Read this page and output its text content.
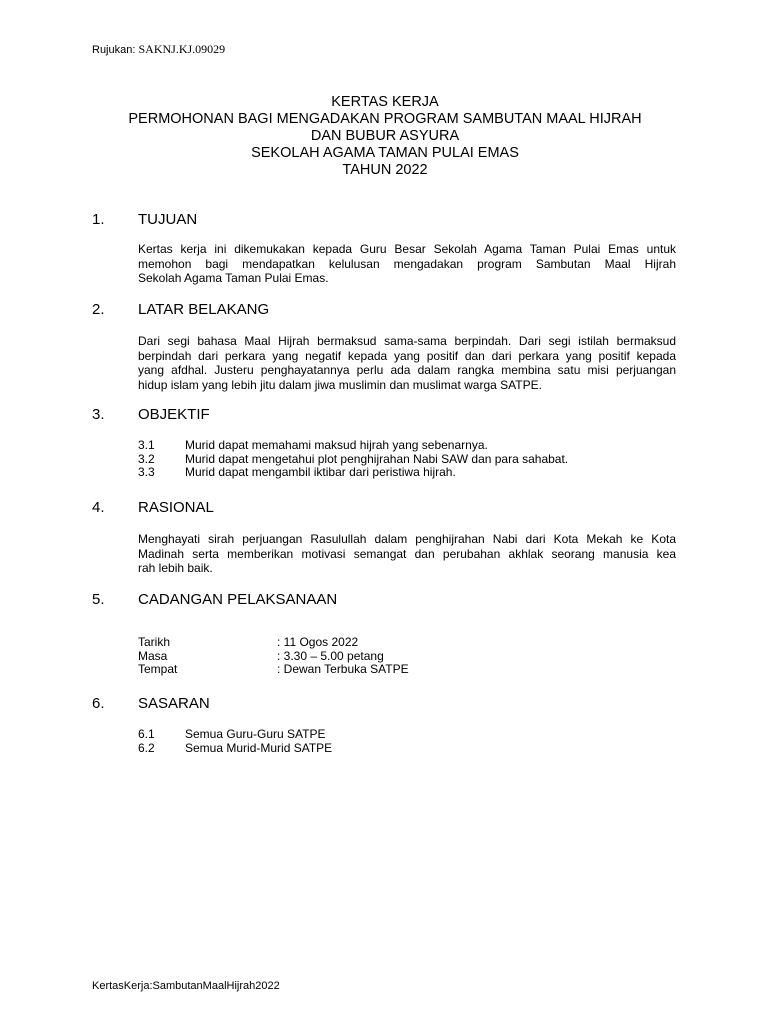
Rujukan: SAKNJ.KJ.09029
KERTAS KERJA
PERMOHONAN BAGI MENGADAKAN PROGRAM SAMBUTAN MAAL HIJRAH
DAN BUBUR ASYURA
SEKOLAH AGAMA TAMAN PULAI EMAS
TAHUN 2022
1.	TUJUAN
Kertas kerja ini dikemukakan kepada Guru Besar Sekolah Agama Taman Pulai Emas untuk
memohon bagi mendapatkan kelulusan mengadakan program Sambutan Maal Hijrah
Sekolah Agama Taman Pulai Emas.
2.	LATAR BELAKANG
Dari segi bahasa Maal Hijrah bermaksud sama-sama berpindah. Dari segi istilah bermaksud
berpindah dari perkara yang negatif kepada yang positif dan dari perkara yang positif kepada
yang afdhal. Justeru penghayatannya perlu ada dalam rangka membina satu misi perjuangan
hidup islam yang lebih jitu dalam jiwa muslimin dan muslimat warga SATPE.
3.	OBJEKTIF
3.1	Murid dapat memahami maksud hijrah yang sebenarnya.
3.2	Murid dapat mengetahui plot penghijrahan Nabi SAW dan para sahabat.
3.3	Murid dapat mengambil iktibar dari peristiwa hijrah.
4.	RASIONAL
Menghayati sirah perjuangan Rasulullah dalam penghijrahan Nabi dari Kota Mekah ke Kota
Madinah serta memberikan motivasi semangat dan perubahan akhlak seorang manusia kea
rah lebih baik.
5.	CADANGAN PELAKSANAAN
Tarikh	: 11 Ogos 2022
Masa	: 3.30 – 5.00 petang
Tempat	: Dewan Terbuka SATPE
6.	SASARAN
6.1	Semua Guru-Guru SATPE
6.2	Semua Murid-Murid SATPE
KertasKerja:SambutanMaalHijrah2022
